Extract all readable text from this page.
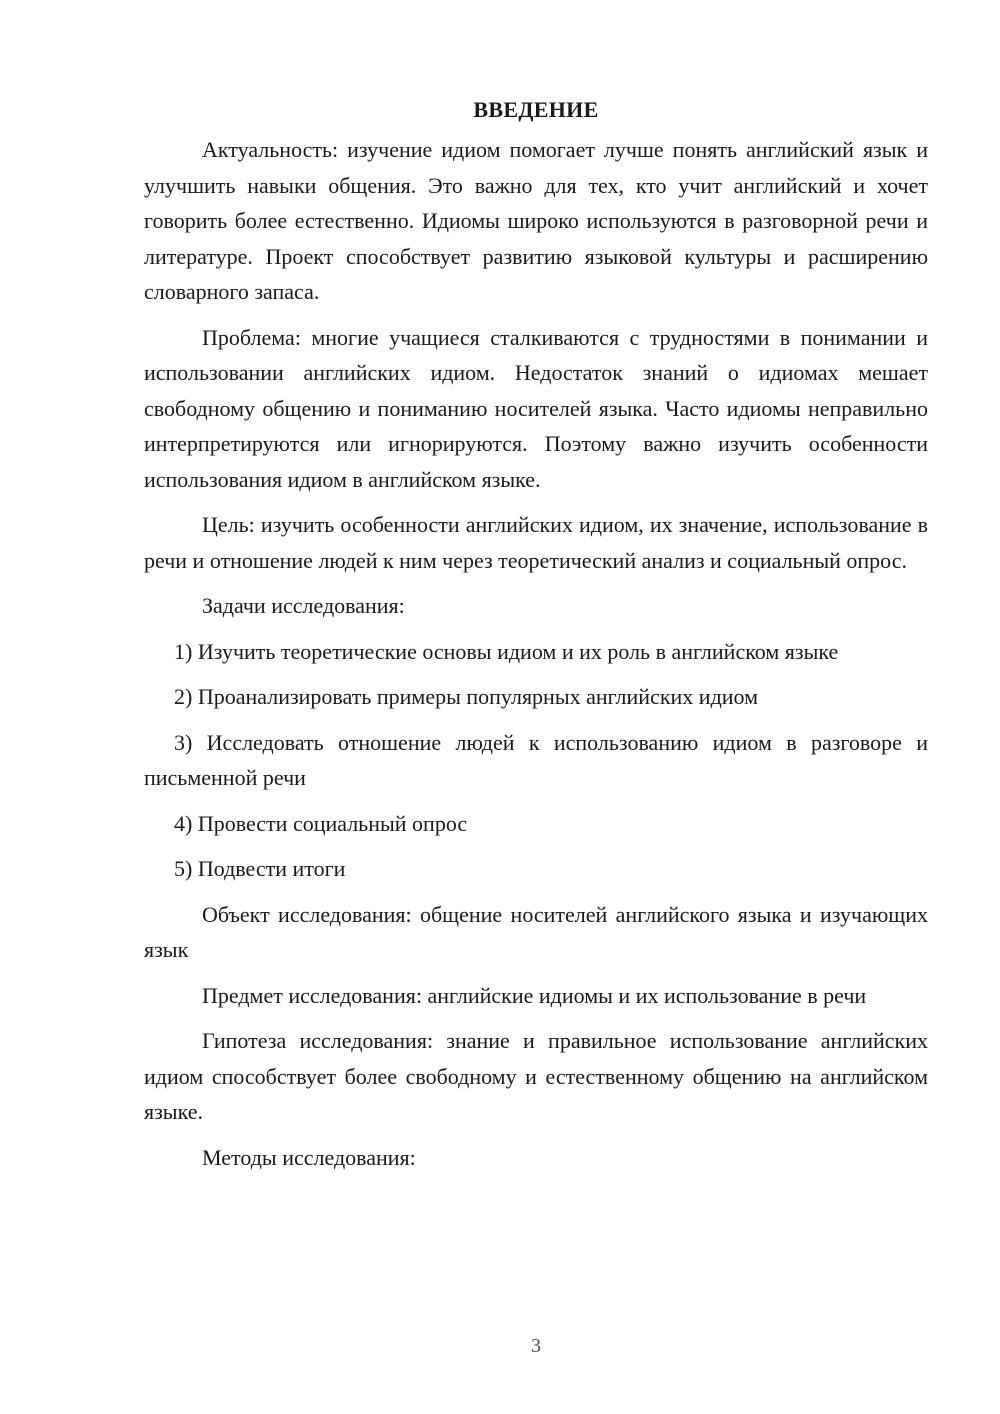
ВВЕДЕНИЕ

Актуальность: изучение идиом помогает лучше понять английский язык и улучшить навыки общения. Это важно для тех, кто учит английский и хочет говорить более естественно. Идиомы широко используются в разговорной речи и литературе. Проект способствует развитию языковой культуры и расширению словарного запаса.

Проблема: многие учащиеся сталкиваются с трудностями в понимании и использовании английских идиом. Недостаток знаний о идиомах мешает свободному общению и пониманию носителей языка. Часто идиомы неправильно интерпретируются или игнорируются. Поэтому важно изучить особенности использования идиом в английском языке.

Цель: изучить особенности английских идиом, их значение, использование в речи и отношение людей к ним через теоретический анализ и социальный опрос.

Задачи исследования:

1) Изучить теоретические основы идиом и их роль в английском языке

2) Проанализировать примеры популярных английских идиом

3) Исследовать отношение людей к использованию идиом в разговоре и письменной речи

4) Провести социальный опрос

5) Подвести итоги

Объект исследования: общение носителей английского языка и изучающих язык

Предмет исследования: английские идиомы и их использование в речи

Гипотеза исследования: знание и правильное использование английских идиом способствует более свободному и естественному общению на английском языке.

Методы исследования:

3
